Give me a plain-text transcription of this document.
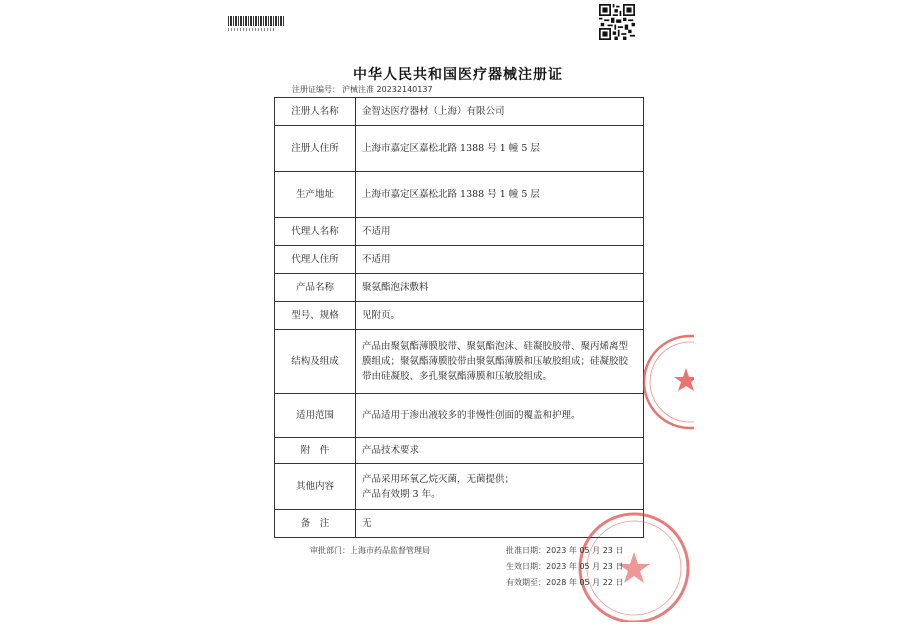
中华人民共和国医疗器械注册证
注册证编号： 沪械注准 20232140137
注册人名称	金智达医疗器材（上海）有限公司
注册人住所	上海市嘉定区嘉松北路 1388 号 1 幢 5 层
生产地址	上海市嘉定区嘉松北路 1388 号 1 幢 5 层
代理人名称	不适用
代理人住所	不适用
产品名称	聚氨酯泡沫敷料
型号、规格	见附页。
结构及组成	产品由聚氨酯薄膜胶带、聚氨酯泡沫、硅凝胶胶带、聚丙烯离型膜组成；聚氨酯薄膜胶带由聚氨酯薄膜和压敏胶组成；硅凝胶胶带由硅凝胶、多孔聚氨酯薄膜和压敏胶组成。
适用范围	产品适用于渗出液较多的非慢性创面的覆盖和护理。
附　件	产品技术要求
其他内容	产品采用环氧乙烷灭菌，无菌提供；
产品有效期 3 年。

备　注	无
审批部门：上海市药品监督管理局	批准日期：2023 年 05 月 23 日
生效日期：2023 年 05 月 23 日
有效期至：2028 年 05 月 22 日
